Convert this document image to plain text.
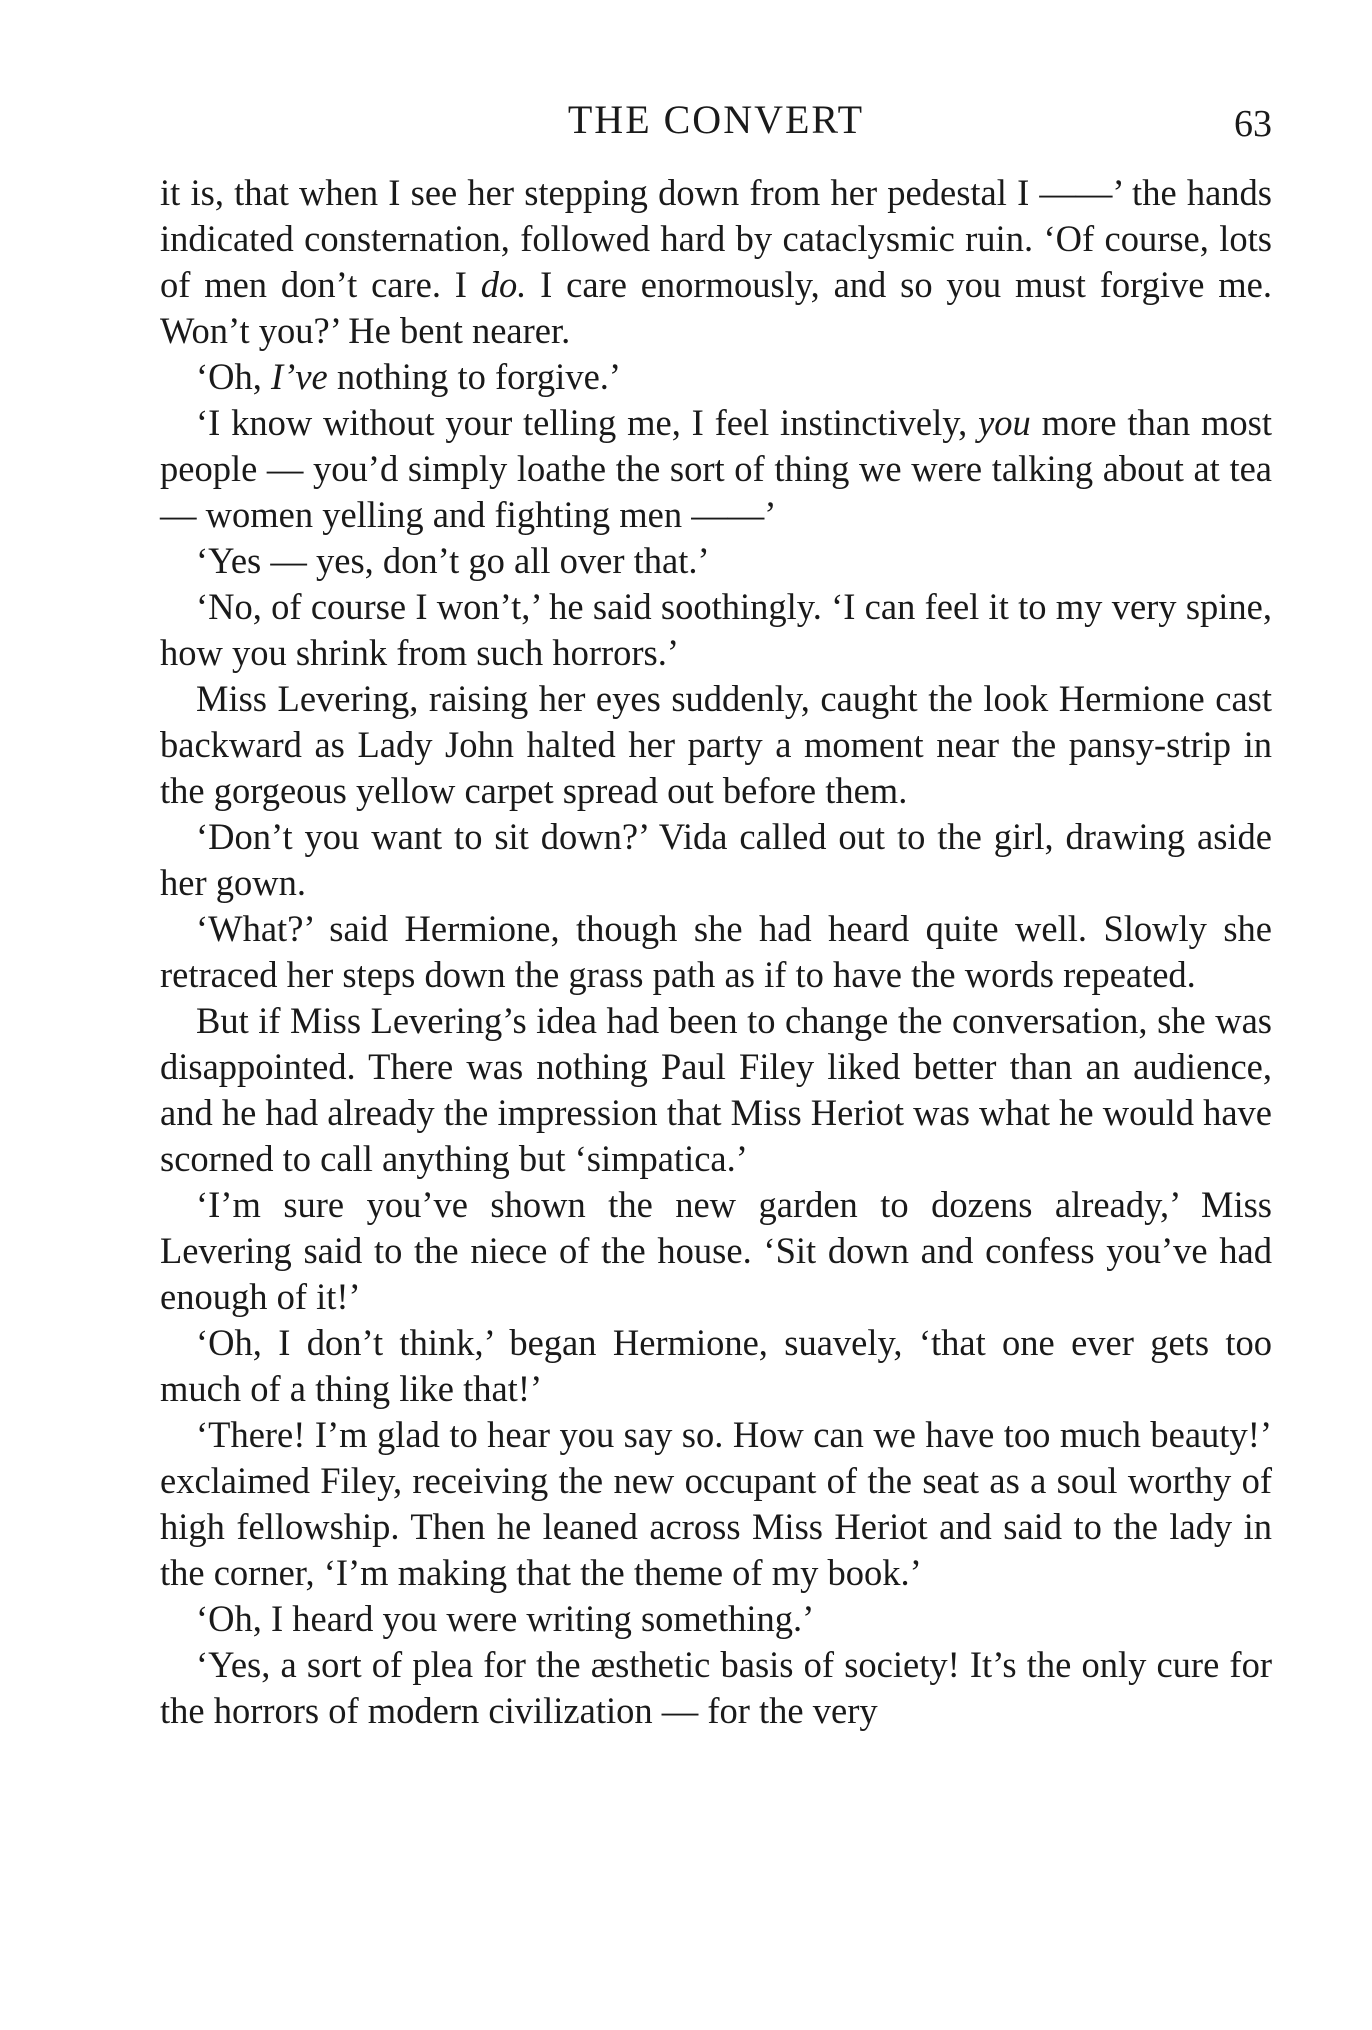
THE CONVERT	63

it is, that when I see her stepping down from her pedestal I ——’ the hands indicated consternation, followed hard by cataclysmic ruin. ‘Of course, lots of men don’t care. I do. I care enormously, and so you must forgive me. Won’t you?’ He bent nearer.

‘Oh, I’ve nothing to forgive.’

‘I know without your telling me, I feel instinctively, you more than most people — you’d simply loathe the sort of thing we were talking about at tea — women yelling and fighting men ——’

‘Yes — yes, don’t go all over that.’

‘No, of course I won’t,’ he said soothingly. ‘I can feel it to my very spine, how you shrink from such horrors.’

Miss Levering, raising her eyes suddenly, caught the look Hermione cast backward as Lady John halted her party a moment near the pansy-strip in the gorgeous yellow carpet spread out before them.

‘Don’t you want to sit down?’ Vida called out to the girl, drawing aside her gown.

‘What?’ said Hermione, though she had heard quite well. Slowly she retraced her steps down the grass path as if to have the words repeated.

But if Miss Levering’s idea had been to change the conversation, she was disappointed. There was nothing Paul Filey liked better than an audience, and he had already the impression that Miss Heriot was what he would have scorned to call anything but ‘simpatica.’

‘I’m sure you’ve shown the new garden to dozens already,’ Miss Levering said to the niece of the house. ‘Sit down and confess you’ve had enough of it!’

‘Oh, I don’t think,’ began Hermione, suavely, ‘that one ever gets too much of a thing like that!’

‘There! I’m glad to hear you say so. How can we have too much beauty!’ exclaimed Filey, receiving the new occupant of the seat as a soul worthy of high fellowship. Then he leaned across Miss Heriot and said to the lady in the corner, ‘I’m making that the theme of my book.’

‘Oh, I heard you were writing something.’

‘Yes, a sort of plea for the æsthetic basis of society! It’s the only cure for the horrors of modern civilization — for the very
